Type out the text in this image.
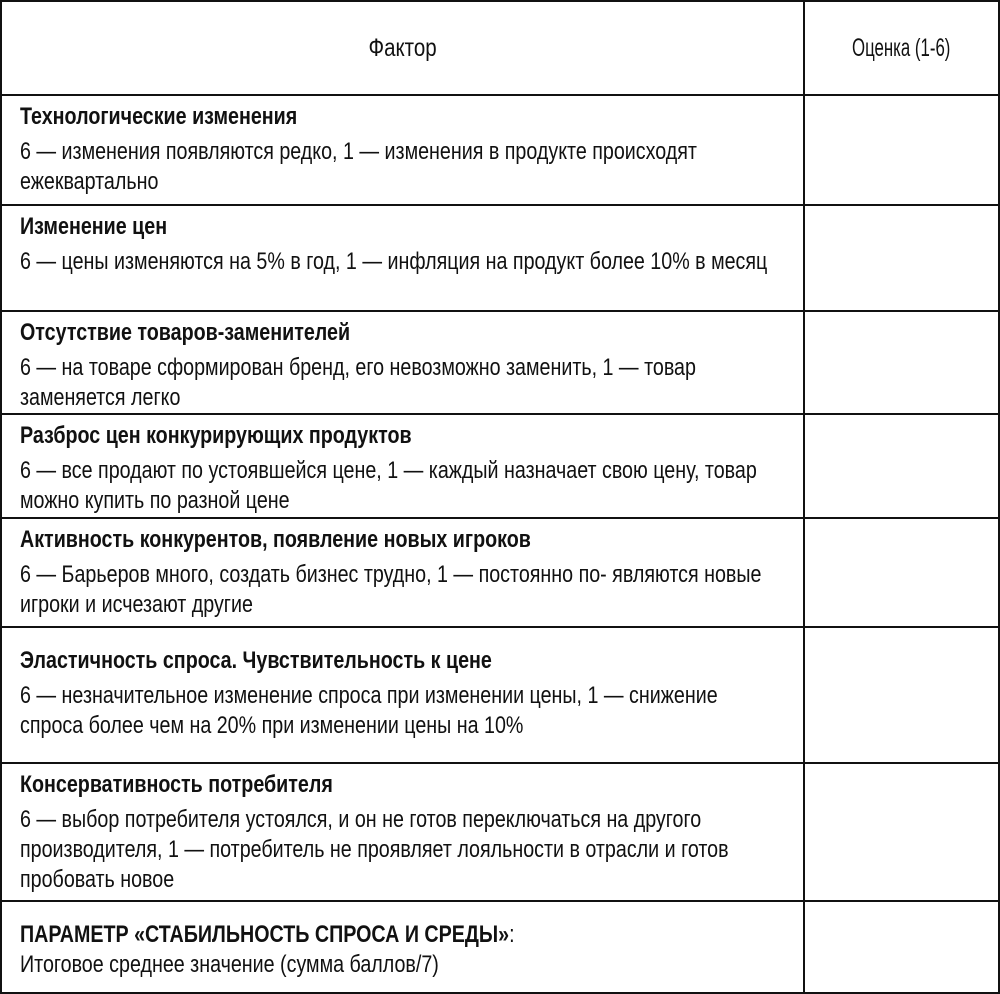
Фактор	Оценка (1-6)
Технологические изменения
6 — изменения появляются редко, 1 — изменения в продукте происходят ежеквартально
Изменение цен
6 — цены изменяются на 5% в год, 1 — инфляция на продукт более 10% в месяц
Отсутствие товаров-заменителей
6 — на товаре сформирован бренд, его невозможно заменить, 1 — товар заменяется легко
Разброс цен конкурирующих продуктов
6 — все продают по устоявшейся цене, 1 — каждый назначает свою цену, товар можно купить по разной цене
Активность конкурентов, появление новых игроков
6 — Барьеров много, создать бизнес трудно, 1 — постоянно по- являются новые игроки и исчезают другие
Эластичность спроса. Чувствительность к цене
6 — незначительное изменение спроса при изменении цены, 1 — снижение спроса более чем на 20% при изменении цены на 10%
Консервативность потребителя
6 — выбор потребителя устоялся, и он не готов переключаться на другого производителя, 1 — потребитель не проявляет лояльности в отрасли и готов пробовать новое
ПАРАМЕТР «СТАБИЛЬНОСТЬ СПРОСА И СРЕДЫ»:
Итоговое среднее значение (сумма баллов/7)
